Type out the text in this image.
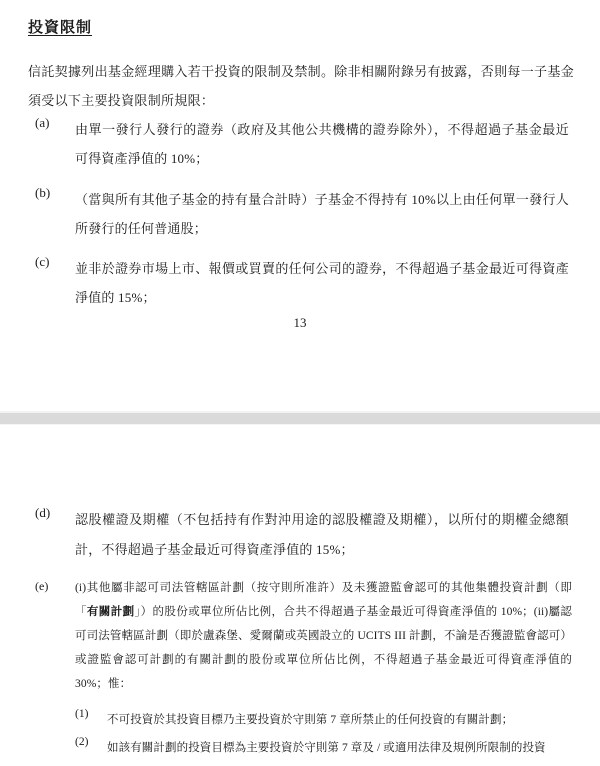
投資限制

信託契據列出基金經理購入若干投資的限制及禁制。除非相關附錄另有披露，否則每一子基金須受以下主要投資限制所規限：

(a)	由單一發行人發行的證券（政府及其他公共機構的證券除外），不得超過子基金最近可得資產淨值的 10%；
(b)	（當與所有其他子基金的持有量合計時）子基金不得持有 10%以上由任何單一發行人所發行的任何普通股；
(c)	並非於證券市場上市、報價或買賣的任何公司的證券，不得超過子基金最近可得資產淨值的 15%；
13
(d)	認股權證及期權（不包括持有作對沖用途的認股權證及期權），以所付的期權金總額計，不得超過子基金最近可得資產淨值的 15%；
(e)	(i)其他屬非認可司法管轄區計劃（按守則所准許）及未獲證監會認可的其他集體投資計劃（即「有關計劃」）的股份或單位所佔比例，合共不得超過子基金最近可得資產淨值的 10%；(ii)屬認可司法管轄區計劃（即於盧森堡、愛爾蘭或英國設立的 UCITS III 計劃，不論是否獲證監會認可）或證監會認可計劃的有關計劃的股份或單位所佔比例，不得超過子基金最近可得資產淨值的 30%；惟：
(1)	不可投資於其投資目標乃主要投資於守則第 7 章所禁止的任何投資的有關計劃；
(2)	如該有關計劃的投資目標為主要投資於守則第 7 章及 / 或適用法律及規例所限制的投資
